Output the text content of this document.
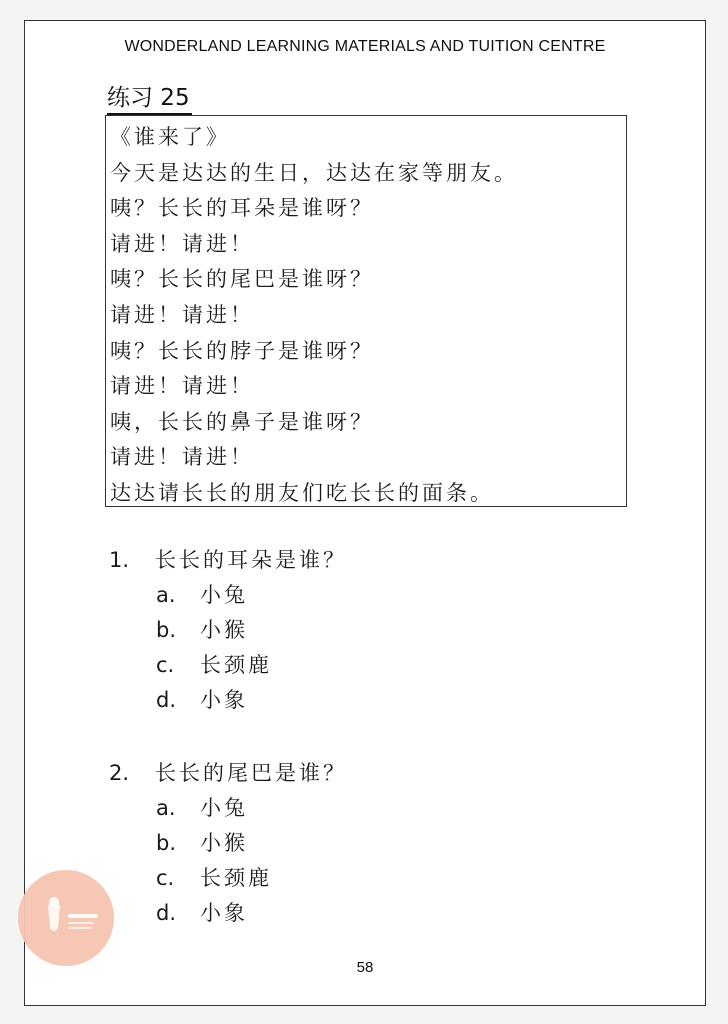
WONDERLAND LEARNING MATERIALS AND TUITION CENTRE
练习 25
《谁来了》
今天是达达的生日，达达在家等朋友。
咦？长长的耳朵是谁呀？
请进！请进！
咦？长长的尾巴是谁呀？
请进！请进！
咦？长长的脖子是谁呀？
请进！请进！
咦，长长的鼻子是谁呀？
请进！请进！
达达请长长的朋友们吃长长的面条。
1. 长长的耳朵是谁？
a. 小兔
b. 小猴
c. 长颈鹿
d. 小象
2. 长长的尾巴是谁？
a. 小兔
b. 小猴
c. 长颈鹿
d. 小象
58
